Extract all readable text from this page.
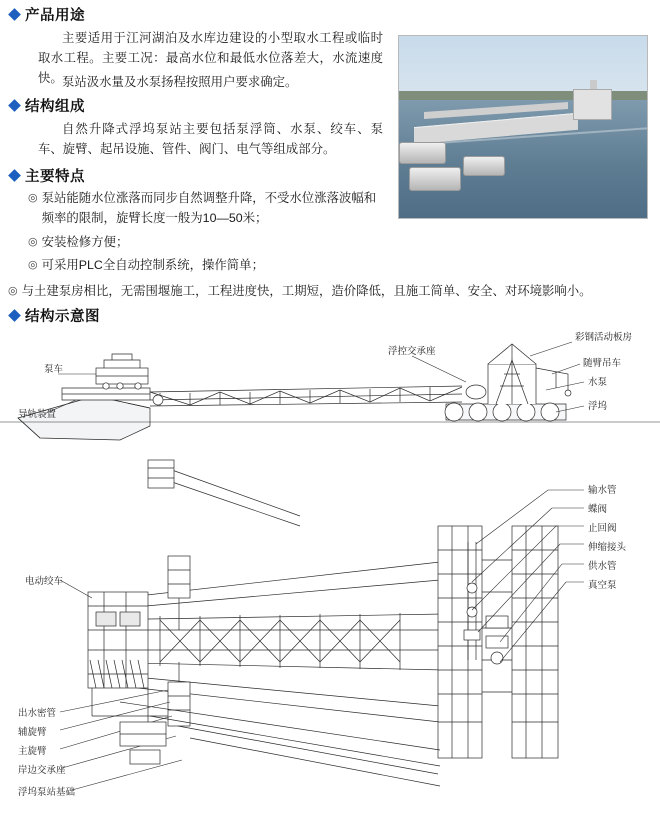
产品用途
主要适用于江河湖泊及水库边建设的小型取水工程或临时取水工程。主要工况：最高水位和最低水位落差大，水流速度快。 泵站汲水量及水泵扬程按照用户要求确定。
结构组成
自然升降式浮坞泵站主要包括泵浮筒、水泵、绞车、泵车、旋臂、起吊设施、管件、阀门、电气等组成部分。
主要特点
◎ 泵站能随水位涨落而同步自然调整升降，不受水位涨落波幅和频率的限制，旋臂长度一般为10—50米；
◎ 安装检修方便；
◎ 可采用PLC全自动控制系统，操作简单；
◎ 与土建泵房相比，无需围堰施工，工程进度快，工期短，造价降低，且施工简单、安全、对环境影响小。
结构示意图
彩钢活动板房
浮控交承座
随臂吊车
泵车
水泵
浮坞
导轨装置
输水管
蝶阀
止回阀
伸缩接头
供水管
真空泵
电动绞车
出水密管
辅旋臂
主旋臂
岸边交承座
浮坞泵站基础
